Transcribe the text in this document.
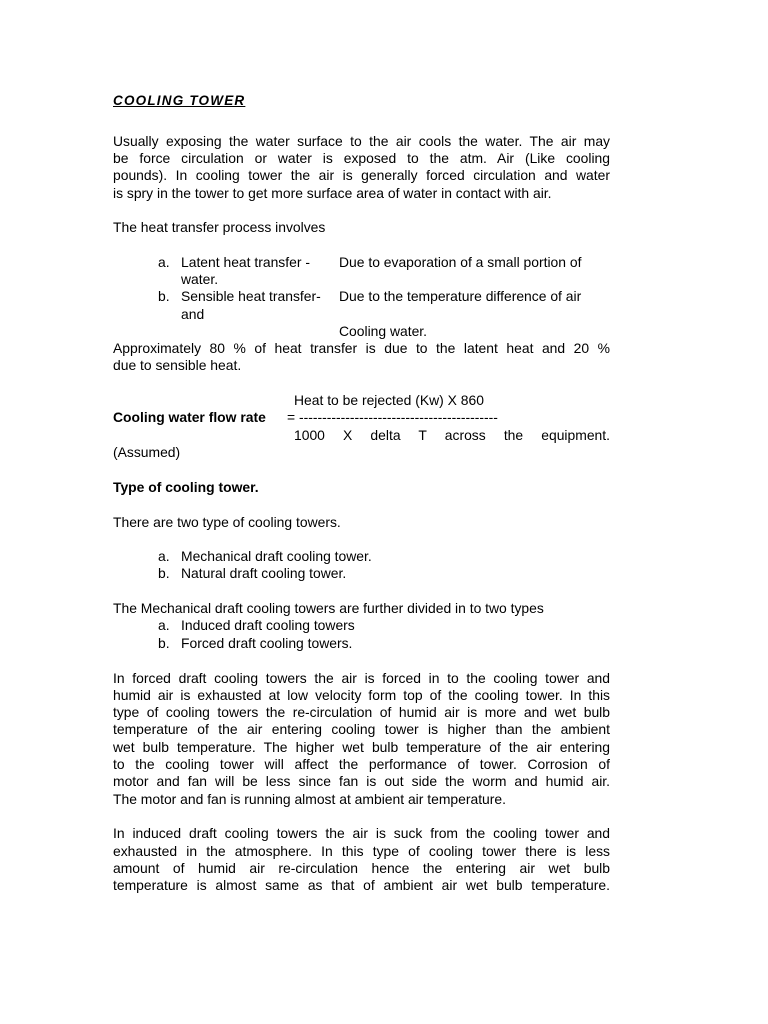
COOLING TOWER

Usually exposing the water surface to the air cools the water. The air may

be force circulation or water is exposed to the atm. Air (Like cooling

pounds). In cooling tower the air is generally forced circulation and water

is spry in the tower to get more surface area of water in contact with air.

The heat transfer process involves

a. Latent heat transfer - Due to evaporation of a small portion of
water.
b. Sensible heat transfer- Due to the temperature difference of air
and
Cooling water.

Approximately 80 % of heat transfer is due to the latent heat and 20 %

due to sensible heat.

Heat to be rejected (Kw) X 860
Cooling water flow rate = -------------------------------------------

1000 X delta T across the equipment.

(Assumed)

Type of cooling tower.

There are two type of cooling towers.

a. Mechanical draft cooling tower.
b. Natural draft cooling tower.

The Mechanical draft cooling towers are further divided in to two types

a. Induced draft cooling towers
b. Forced draft cooling towers.

In forced draft cooling towers the air is forced in to the cooling tower and

humid air is exhausted at low velocity form top of the cooling tower. In this

type of cooling towers the re-circulation of humid air is more and wet bulb

temperature of the air entering cooling tower is higher than the ambient

wet bulb temperature. The higher wet bulb temperature of the air entering

to the cooling tower will affect the performance of tower. Corrosion of

motor and fan will be less since fan is out side the worm and humid air.

The motor and fan is running almost at ambient air temperature.

In induced draft cooling towers the air is suck from the cooling tower and

exhausted in the atmosphere. In this type of cooling tower there is less

amount of humid air re-circulation hence the entering air wet bulb

temperature is almost same as that of ambient air wet bulb temperature.
